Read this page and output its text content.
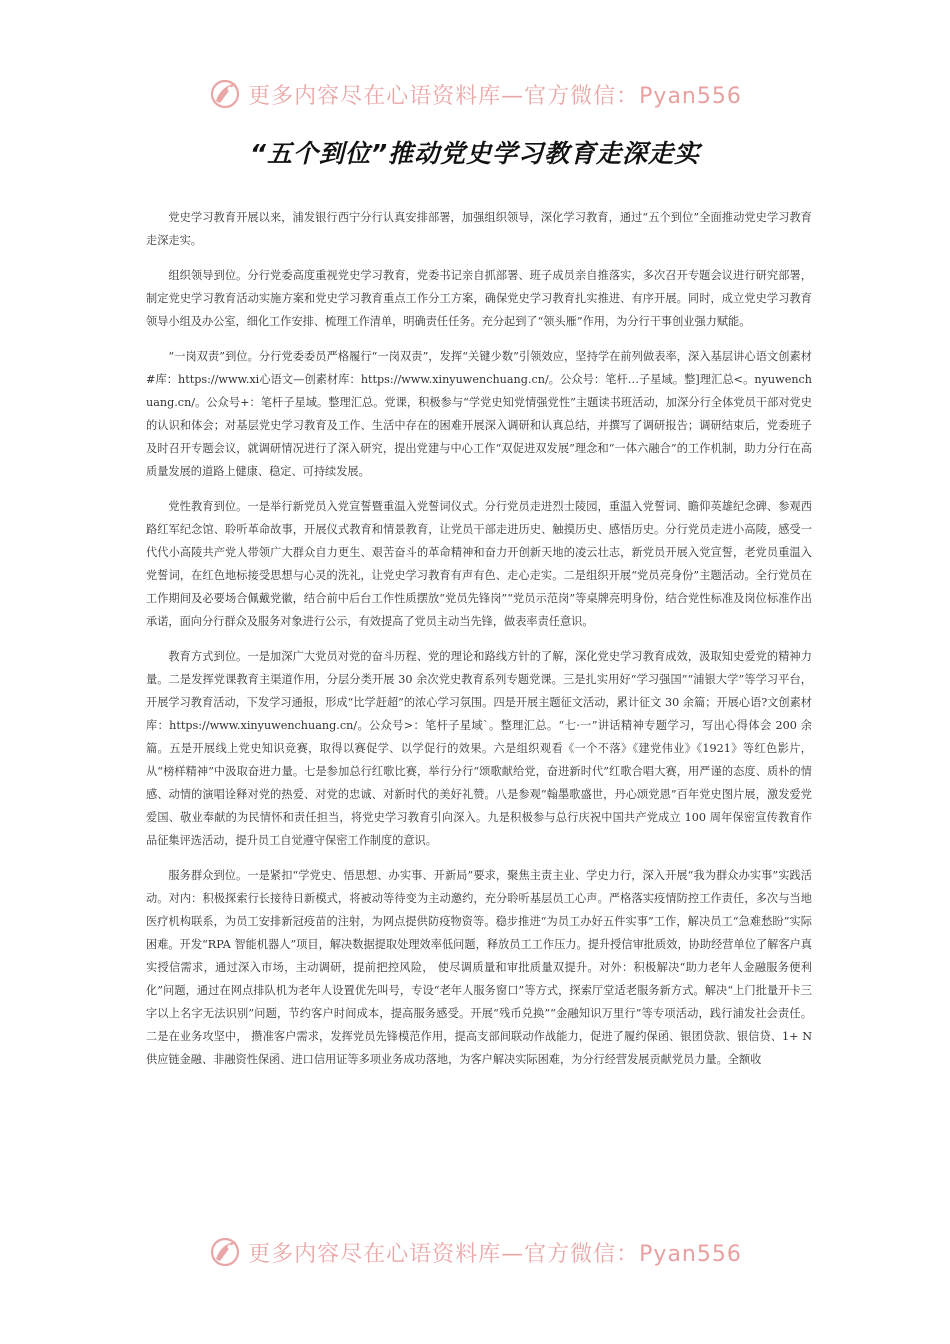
更多内容尽在心语资料库—官方微信：Pyan556
“五个到位”推动党史学习教育走深走实

党史学习教育开展以来，浦发银行西宁分行认真安排部署，加强组织领导，深化学习教育，通过“五个到位”全面推动党史学习教育走深走实。

组织领导到位。分行党委高度重视党史学习教育，党委书记亲自抓部署、班子成员亲自推落实，多次召开专题会议进行研究部署，制定党史学习教育活动实施方案和党史学习教育重点工作分工方案，确保党史学习教育扎实推进、有序开展。同时，成立党史学习教育领导小组及办公室，细化工作安排、梳理工作清单，明确责任任务。充分起到了“领头雁”作用，为分行干事创业强力赋能。

“一岗双责”到位。分行党委委员严格履行“一岗双责”，发挥“关键少数”引领效应，坚持学在前列做表率，深入基层讲心语文创素材#库：https://www.xi心语文—创素材库：https://www.xinyuwenchuang.cn/。公众号：笔杆…子星域。整]理汇总<。nyuwenchuang.cn/。公众号+：笔杆子星域。整理汇总。党课，积极参与“学党史知党情强党性”主题读书班活动，加深分行全体党员干部对党史的认识和体会；对基层党史学习教育及工作、生活中存在的困难开展深入调研和认真总结，并撰写了调研报告；调研结束后，党委班子及时召开专题会议，就调研情况进行了深入研究，提出党建与中心工作“双促进双发展”理念和“一体六融合”的工作机制，助力分行在高质量发展的道路上健康、稳定、可持续发展。

党性教育到位。一是举行新党员入党宣誓暨重温入党誓词仪式。分行党员走进烈士陵园，重温入党誓词、瞻仰英雄纪念碑、参观西路红军纪念馆、聆听革命故事，开展仪式教育和情景教育，让党员干部走进历史、触摸历史、感悟历史。分行党员走进小高陵，感受一代代小高陵共产党人带领广大群众自力更生、艰苦奋斗的革命精神和奋力开创新天地的凌云壮志，新党员开展入党宣誓，老党员重温入党誓词，在红色地标接受思想与心灵的洗礼，让党史学习教育有声有色、走心走实。二是组织开展“党员亮身份”主题活动。全行党员在工作期间及必要场合佩戴党徽，结合前中后台工作性质摆放“党员先锋岗”“党员示范岗”等桌牌亮明身份，结合党性标准及岗位标准作出承诺，面向分行群众及服务对象进行公示，有效提高了党员主动当先锋，做表率责任意识。

教育方式到位。一是加深广大党员对党的奋斗历程、党的理论和路线方针的了解，深化党史学习教育成效，汲取知史爱党的精神力量。二是发挥党课教育主渠道作用，分层分类开展 30 余次党史教育系列专题党课。三是扎实用好“学习强国”“浦银大学”等学习平台，开展学习教育活动，下发学习通报，形成“比学赶超”的浓心学习氛围。四是开展主题征文活动，累计征文 30 余篇；开展心语?文创素材库：https://www.xinyuwenchuang.cn/。公众号>：笔杆子星域`。整理汇总。“七·一”讲话精神专题学习，写出心得体会 200 余篇。五是开展线上党史知识竞赛，取得以赛促学、以学促行的效果。六是组织观看《一个不落》《建党伟业》《1921》等红色影片，从“榜样精神”中汲取奋进力量。七是参加总行红歌比赛，举行分行“颂歌献给党，奋进新时代”红歌合唱大赛，用严谨的态度、质朴的情感、动情的演唱诠释对党的热爱、对党的忠诚、对新时代的美好礼赞。八是参观“翰墨歌盛世，丹心颂党恩”百年党史图片展，激发爱党爱国、敬业奉献的为民情怀和责任担当，将党史学习教育引向深入。九是积极参与总行庆祝中国共产党成立 100 周年保密宣传教育作品征集评选活动，提升员工自觉遵守保密工作制度的意识。

服务群众到位。一是紧扣“学党史、悟思想、办实事、开新局”要求，聚焦主责主业、学史力行，深入开展“我为群众办实事”实践活动。对内：积极探索行长接待日新模式，将被动等待变为主动邀约，充分聆听基层员工心声。严格落实疫情防控工作责任，多次与当地医疗机构联系，为员工安排新冠疫苗的注射，为网点提供防疫物资等。稳步推进“为员工办好五件实事”工作，解决员工“急难愁盼”实际困难。开发“RPA 智能机器人”项目，解决数据提取处理效率低问题，释放员工工作压力。提升授信审批质效，协助经营单位了解客户真实授信需求，通过深入市场，主动调研，提前把控风险， 使尽调质量和审批质量双提升。对外：积极解决“助力老年人金融服务便利化”问题，通过在网点排队机为老年人设置优先叫号，专设“老年人服务窗口”等方式，探索厅堂适老服务新方式。解决“上门批量开卡三字以上名字无法识别”问题，节约客户时间成本，提高服务感受。开展“残币兑换”“金融知识万里行”等专项活动，践行浦发社会责任。二是在业务攻坚中， 攒准客户需求，发挥党员先锋模范作用，提高支部间联动作战能力，促进了履约保函、银团贷款、银信贷、1+ N 供应链金融、非融资性保函、进口信用证等多项业务成功落地，为客户解决实际困难，为分行经营发展贡献党员力量。全额收

更多内容尽在心语资料库—官方微信：Pyan556
